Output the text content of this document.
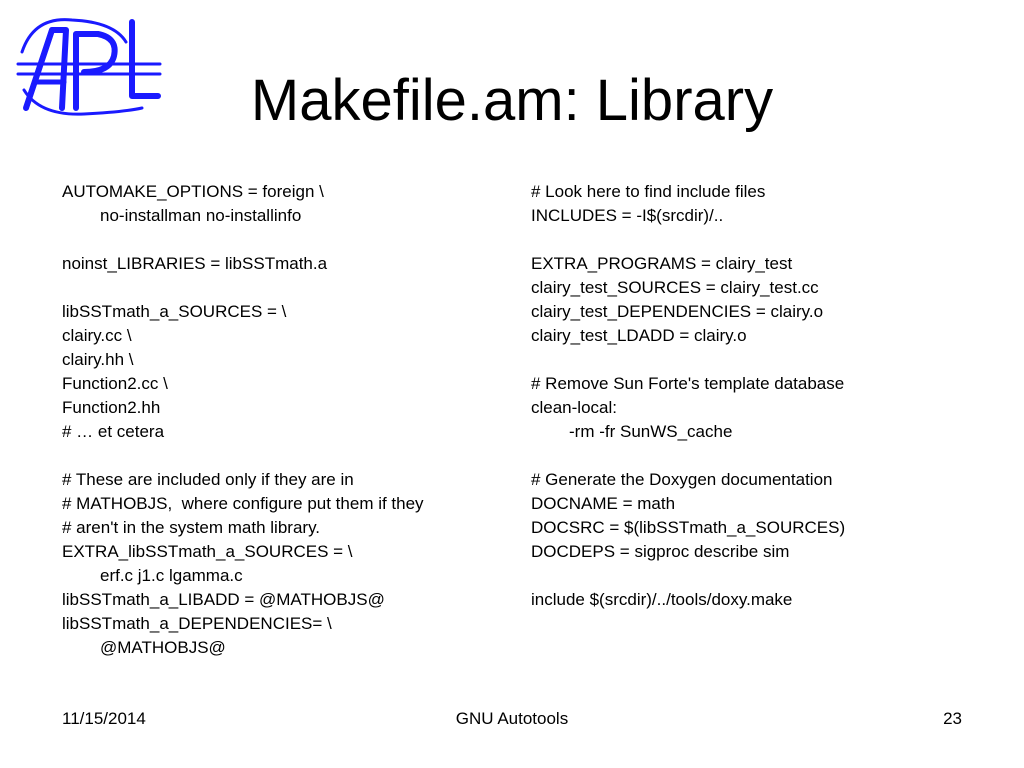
Makefile.am: Library
AUTOMAKE_OPTIONS = foreign \
no-installman no-installinfo
noinst_LIBRARIES = libSSTmath.a
libSSTmath_a_SOURCES = \
clairy.cc \
clairy.hh \
Function2.cc \
Function2.hh
# … et cetera
# These are included only if they are in
# MATHOBJS,  where configure put them if they
# aren't in the system math library.
EXTRA_libSSTmath_a_SOURCES = \
erf.c j1.c lgamma.c
libSSTmath_a_LIBADD = @MATHOBJS@
libSSTmath_a_DEPENDENCIES= \
@MATHOBJS@
# Look here to find include files
INCLUDES = -I$(srcdir)/..
EXTRA_PROGRAMS = clairy_test
clairy_test_SOURCES = clairy_test.cc
clairy_test_DEPENDENCIES = clairy.o
clairy_test_LDADD = clairy.o
# Remove Sun Forte's template database
clean-local:
-rm -fr SunWS_cache
# Generate the Doxygen documentation
DOCNAME = math
DOCSRC = $(libSSTmath_a_SOURCES)
DOCDEPS = sigproc describe sim
include $(srcdir)/../tools/doxy.make
11/15/2014	GNU Autotools	23
